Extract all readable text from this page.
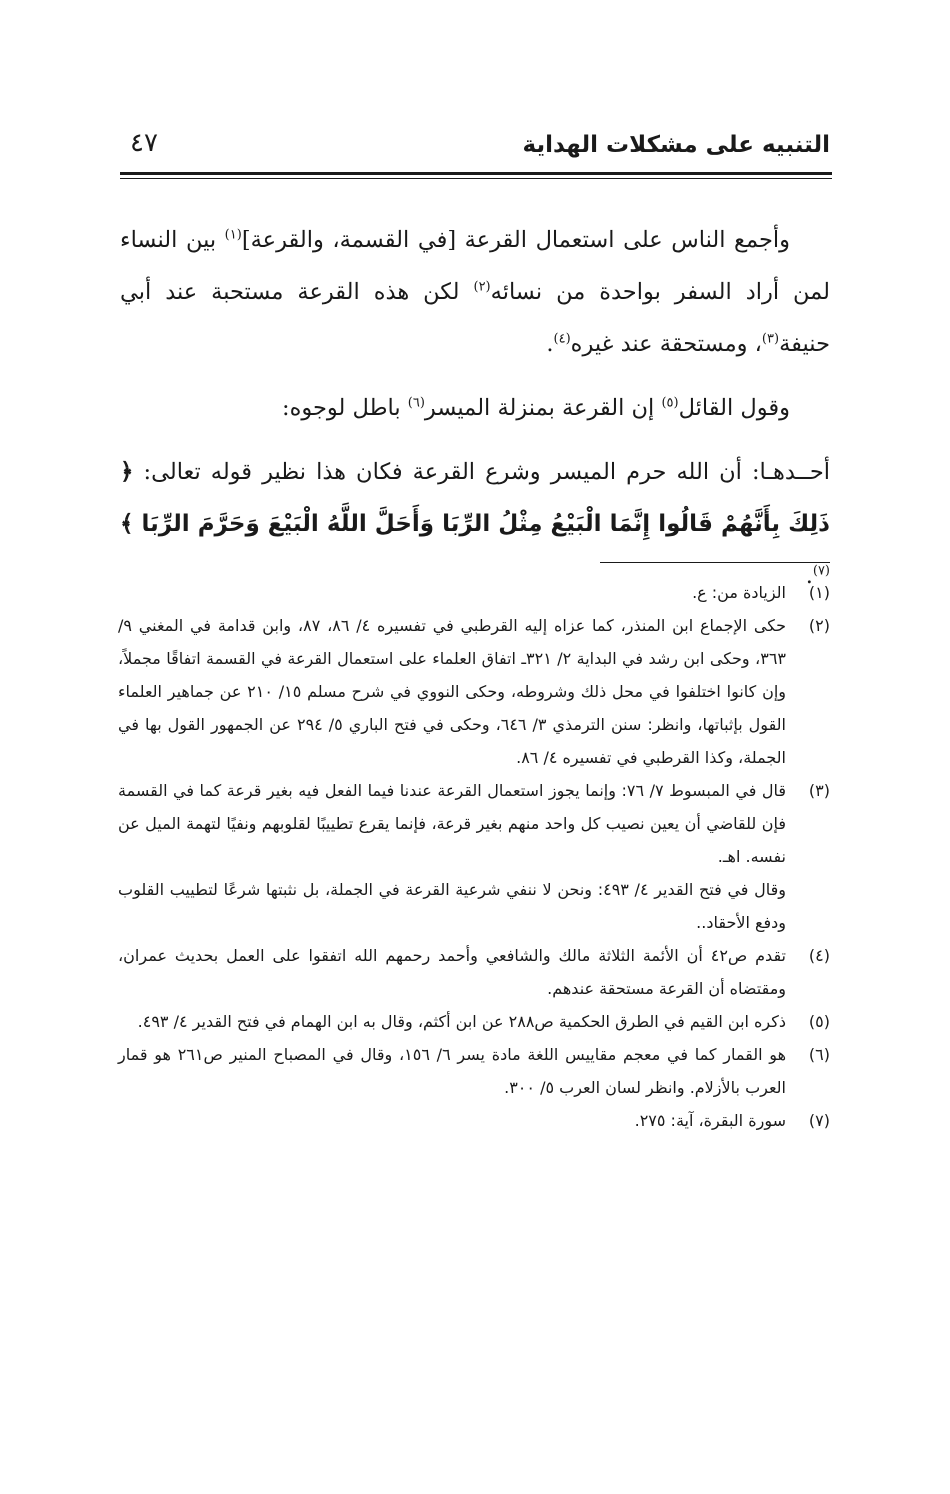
التنبيه على مشكلات الهداية
٤٧

وأجمع الناس على استعمال القرعة [في القسمة، والقرعة]$^{(١)}$ بين النساء لمن أراد السفر بواحدة من نسائه$^{(٢)}$ لكن هذه القرعة مستحبة عند أبي حنيفة$^{(٣)}$، ومستحقة عند غيره$^{(٤)}$.

وقول القائل$^{(٥)}$ إن القرعة بمنزلة الميسر$^{(٦)}$ باطل لوجوه:

أحــدهـا: أن الله حرم الميسر وشرع القرعة فكان هذا نظير قوله تعالى: ﴿ ذَلِكَ بِأَنَّهُمْ قَالُوا إِنَّمَا الْبَيْعُ مِثْلُ الرِّبَا وَأَحَلَّ اللَّهُ الْبَيْعَ وَحَرَّمَ الرِّبَا ﴾$^{(٧)}$.

(١)
الزيادة من: ع.
(٢)
حكى الإجماع ابن المنذر، كما عزاه إليه القرطبي في تفسيره ٤/ ٨٦، ٨٧، وابن قدامة في المغني ٩/ ٣٦٣، وحكى ابن رشد في البداية ٢/ ٣٢١ـ اتفاق العلماء على استعمال القرعة في القسمة اتفاقًا مجملاً، وإن كانوا اختلفوا في محل ذلك وشروطه، وحكى النووي في شرح مسلم ١٥/ ٢١٠ عن جماهير العلماء القول بإثباتها، وانظر: سنن الترمذي ٣/ ٦٤٦، وحكى في فتح الباري ٥/ ٢٩٤ عن الجمهور القول بها في الجملة، وكذا القرطبي في تفسيره ٤/ ٨٦.
(٣)
قال في المبسوط ٧/ ٧٦: وإنما يجوز استعمال القرعة عندنا فيما الفعل فيه بغير قرعة كما في القسمة فإن للقاضي أن يعين نصيب كل واحد منهم بغير قرعة، فإنما يقرع تطييبًا لقلوبهم ونفيًا لتهمة الميل عن نفسه. اهـ.
وقال في فتح القدير ٤/ ٤٩٣: ونحن لا ننفي شرعية القرعة في الجملة، بل نثبتها شرعًا لتطييب القلوب ودفع الأحقاد..
(٤)
تقدم ص٤٢ أن الأئمة الثلاثة مالك والشافعي وأحمد رحمهم الله اتفقوا على العمل بحديث عمران، ومقتضاه أن القرعة مستحقة عندهم.
(٥)
ذكره ابن القيم في الطرق الحكمية ص٢٨٨ عن ابن أكثم، وقال به ابن الهمام في فتح القدير ٤/ ٤٩٣.
(٦)
هو القمار كما في معجم مقاييس اللغة مادة يسر ٦/ ١٥٦، وقال في المصباح المنير ص٢٦١ هو قمار العرب بالأزلام. وانظر لسان العرب ٥/ ٣٠٠.
(٧)
سورة البقرة، آية: ٢٧٥.
